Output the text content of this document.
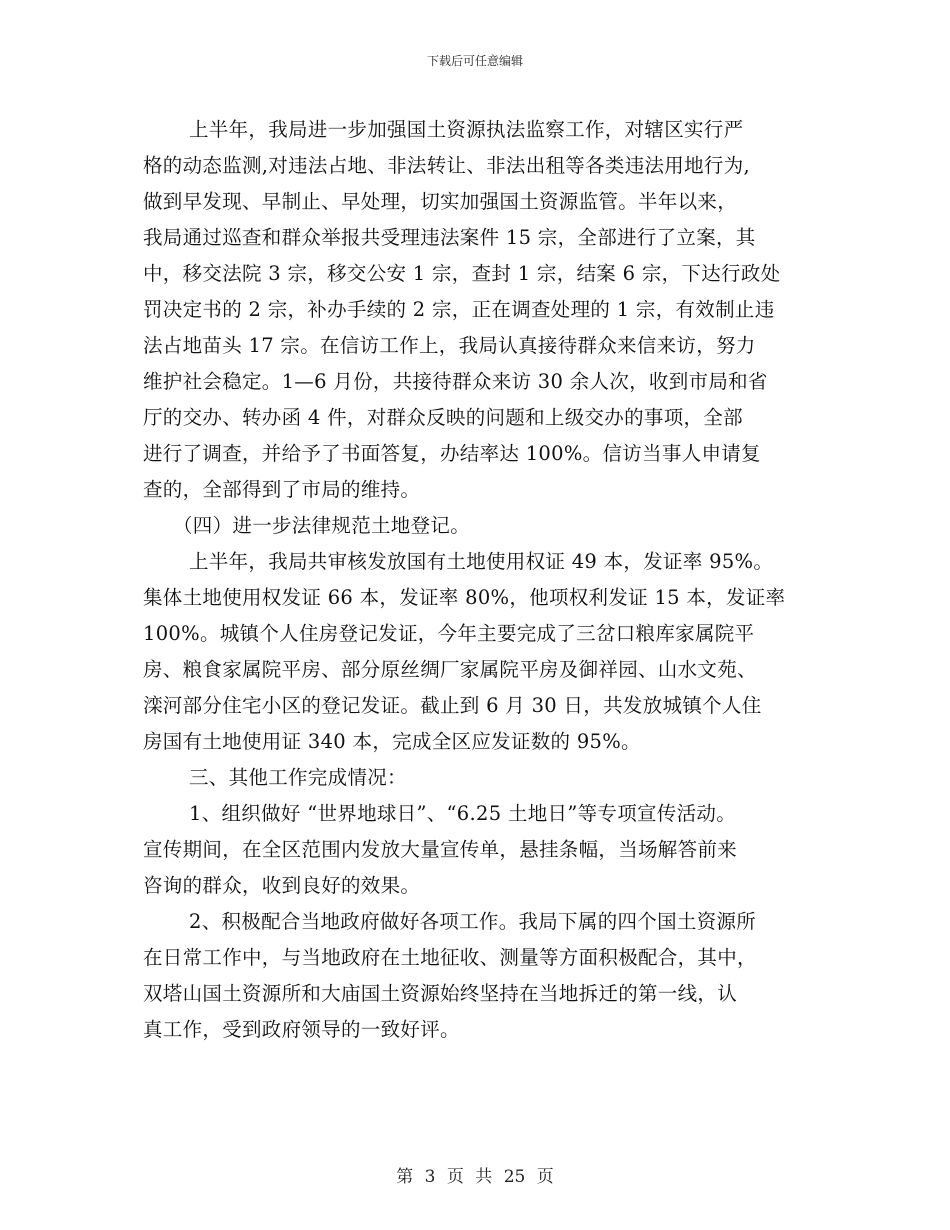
下载后可任意编辑
上半年，我局进一步加强国土资源执法监察工作，对辖区实行严
格的动态监测,对违法占地、非法转让、非法出租等各类违法用地行为,
做到早发现、早制止、早处理，切实加强国土资源监管。半年以来，
我局通过巡查和群众举报共受理违法案件 15 宗，全部进行了立案，其
中，移交法院 3 宗，移交公安 1 宗，查封 1 宗，结案 6 宗，下达行政处
罚决定书的 2 宗，补办手续的 2 宗，正在调查处理的 1 宗，有效制止违
法占地苗头 17 宗。在信访工作上，我局认真接待群众来信来访，努力
维护社会稳定。1—6 月份，共接待群众来访 30 余人次，收到市局和省
厅的交办、转办函 4 件，对群众反映的问题和上级交办的事项，全部
进行了调查，并给予了书面答复，办结率达 100%。信访当事人申请复
查的，全部得到了市局的维持。
（四）进一步法律规范土地登记。
上半年，我局共审核发放国有土地使用权证 49 本，发证率 95%。
集体土地使用权发证 66 本，发证率 80%，他项权利发证 15 本，发证率
100%。城镇个人住房登记发证，今年主要完成了三岔口粮库家属院平
房、粮食家属院平房、部分原丝绸厂家属院平房及御祥园、山水文苑、
滦河部分住宅小区的登记发证。截止到 6 月 30 日，共发放城镇个人住
房国有土地使用证 340 本，完成全区应发证数的 95%。
三、其他工作完成情况：
1、组织做好 “世界地球日”、“6.25 土地日”等专项宣传活动。
宣传期间，在全区范围内发放大量宣传单，悬挂条幅，当场解答前来
咨询的群众，收到良好的效果。
2、积极配合当地政府做好各项工作。我局下属的四个国土资源所
在日常工作中，与当地政府在土地征收、测量等方面积极配合，其中，
双塔山国土资源所和大庙国土资源始终坚持在当地拆迁的第一线，认
真工作，受到政府领导的一致好评。
第 3 页 共 25 页
